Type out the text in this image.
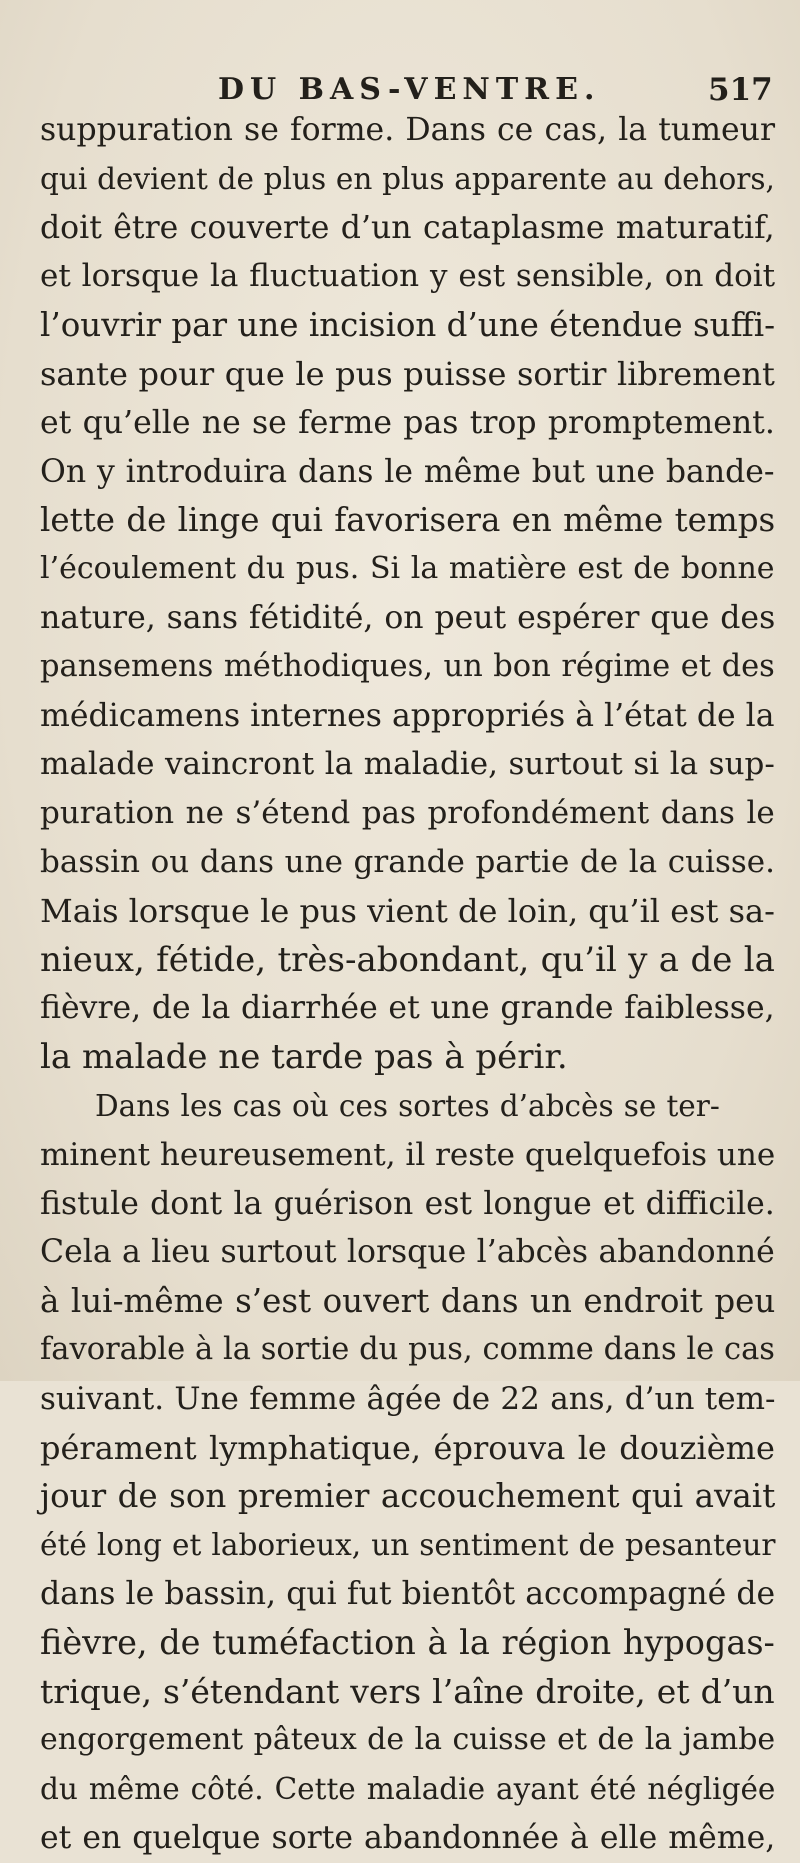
DU BAS-VENTRE.	517
suppuration se forme. Dans ce cas, la tumeur
qui devient de plus en plus apparente au dehors,
doit être couverte d’un cataplasme maturatif,
et lorsque la fluctuation y est sensible, on doit
l’ouvrir par une incision d’une étendue suffi-
sante pour que le pus puisse sortir librement
et qu’elle ne se ferme pas trop promptement.
On y introduira dans le même but une bande-
lette de linge qui favorisera en même temps
l’écoulement du pus. Si la matière est de bonne
nature, sans fétidité, on peut espérer que des
pansemens méthodiques, un bon régime et des
médicamens internes appropriés à l’état de la
malade vaincront la maladie, surtout si la sup-
puration ne s’étend pas profondément dans le
bassin ou dans une grande partie de la cuisse.
Mais lorsque le pus vient de loin, qu’il est sa-
nieux, fétide, très-abondant, qu’il y a de la
fièvre, de la diarrhée et une grande faiblesse,
la malade ne tarde pas à périr.
Dans les cas où ces sortes d’abcès se ter-
minent heureusement, il reste quelquefois une
fistule dont la guérison est longue et difficile.
Cela a lieu surtout lorsque l’abcès abandonné
à lui-même s’est ouvert dans un endroit peu
favorable à la sortie du pus, comme dans le cas
suivant. Une femme âgée de 22 ans, d’un tem-
pérament lymphatique, éprouva le douzième
jour de son premier accouchement qui avait
été long et laborieux, un sentiment de pesanteur
dans le bassin, qui fut bientôt accompagné de
fièvre, de tuméfaction à la région hypogas-
trique, s’étendant vers l’aîne droite, et d’un
engorgement pâteux de la cuisse et de la jambe
du même côté. Cette maladie ayant été négligée
et en quelque sorte abandonnée à elle même,
